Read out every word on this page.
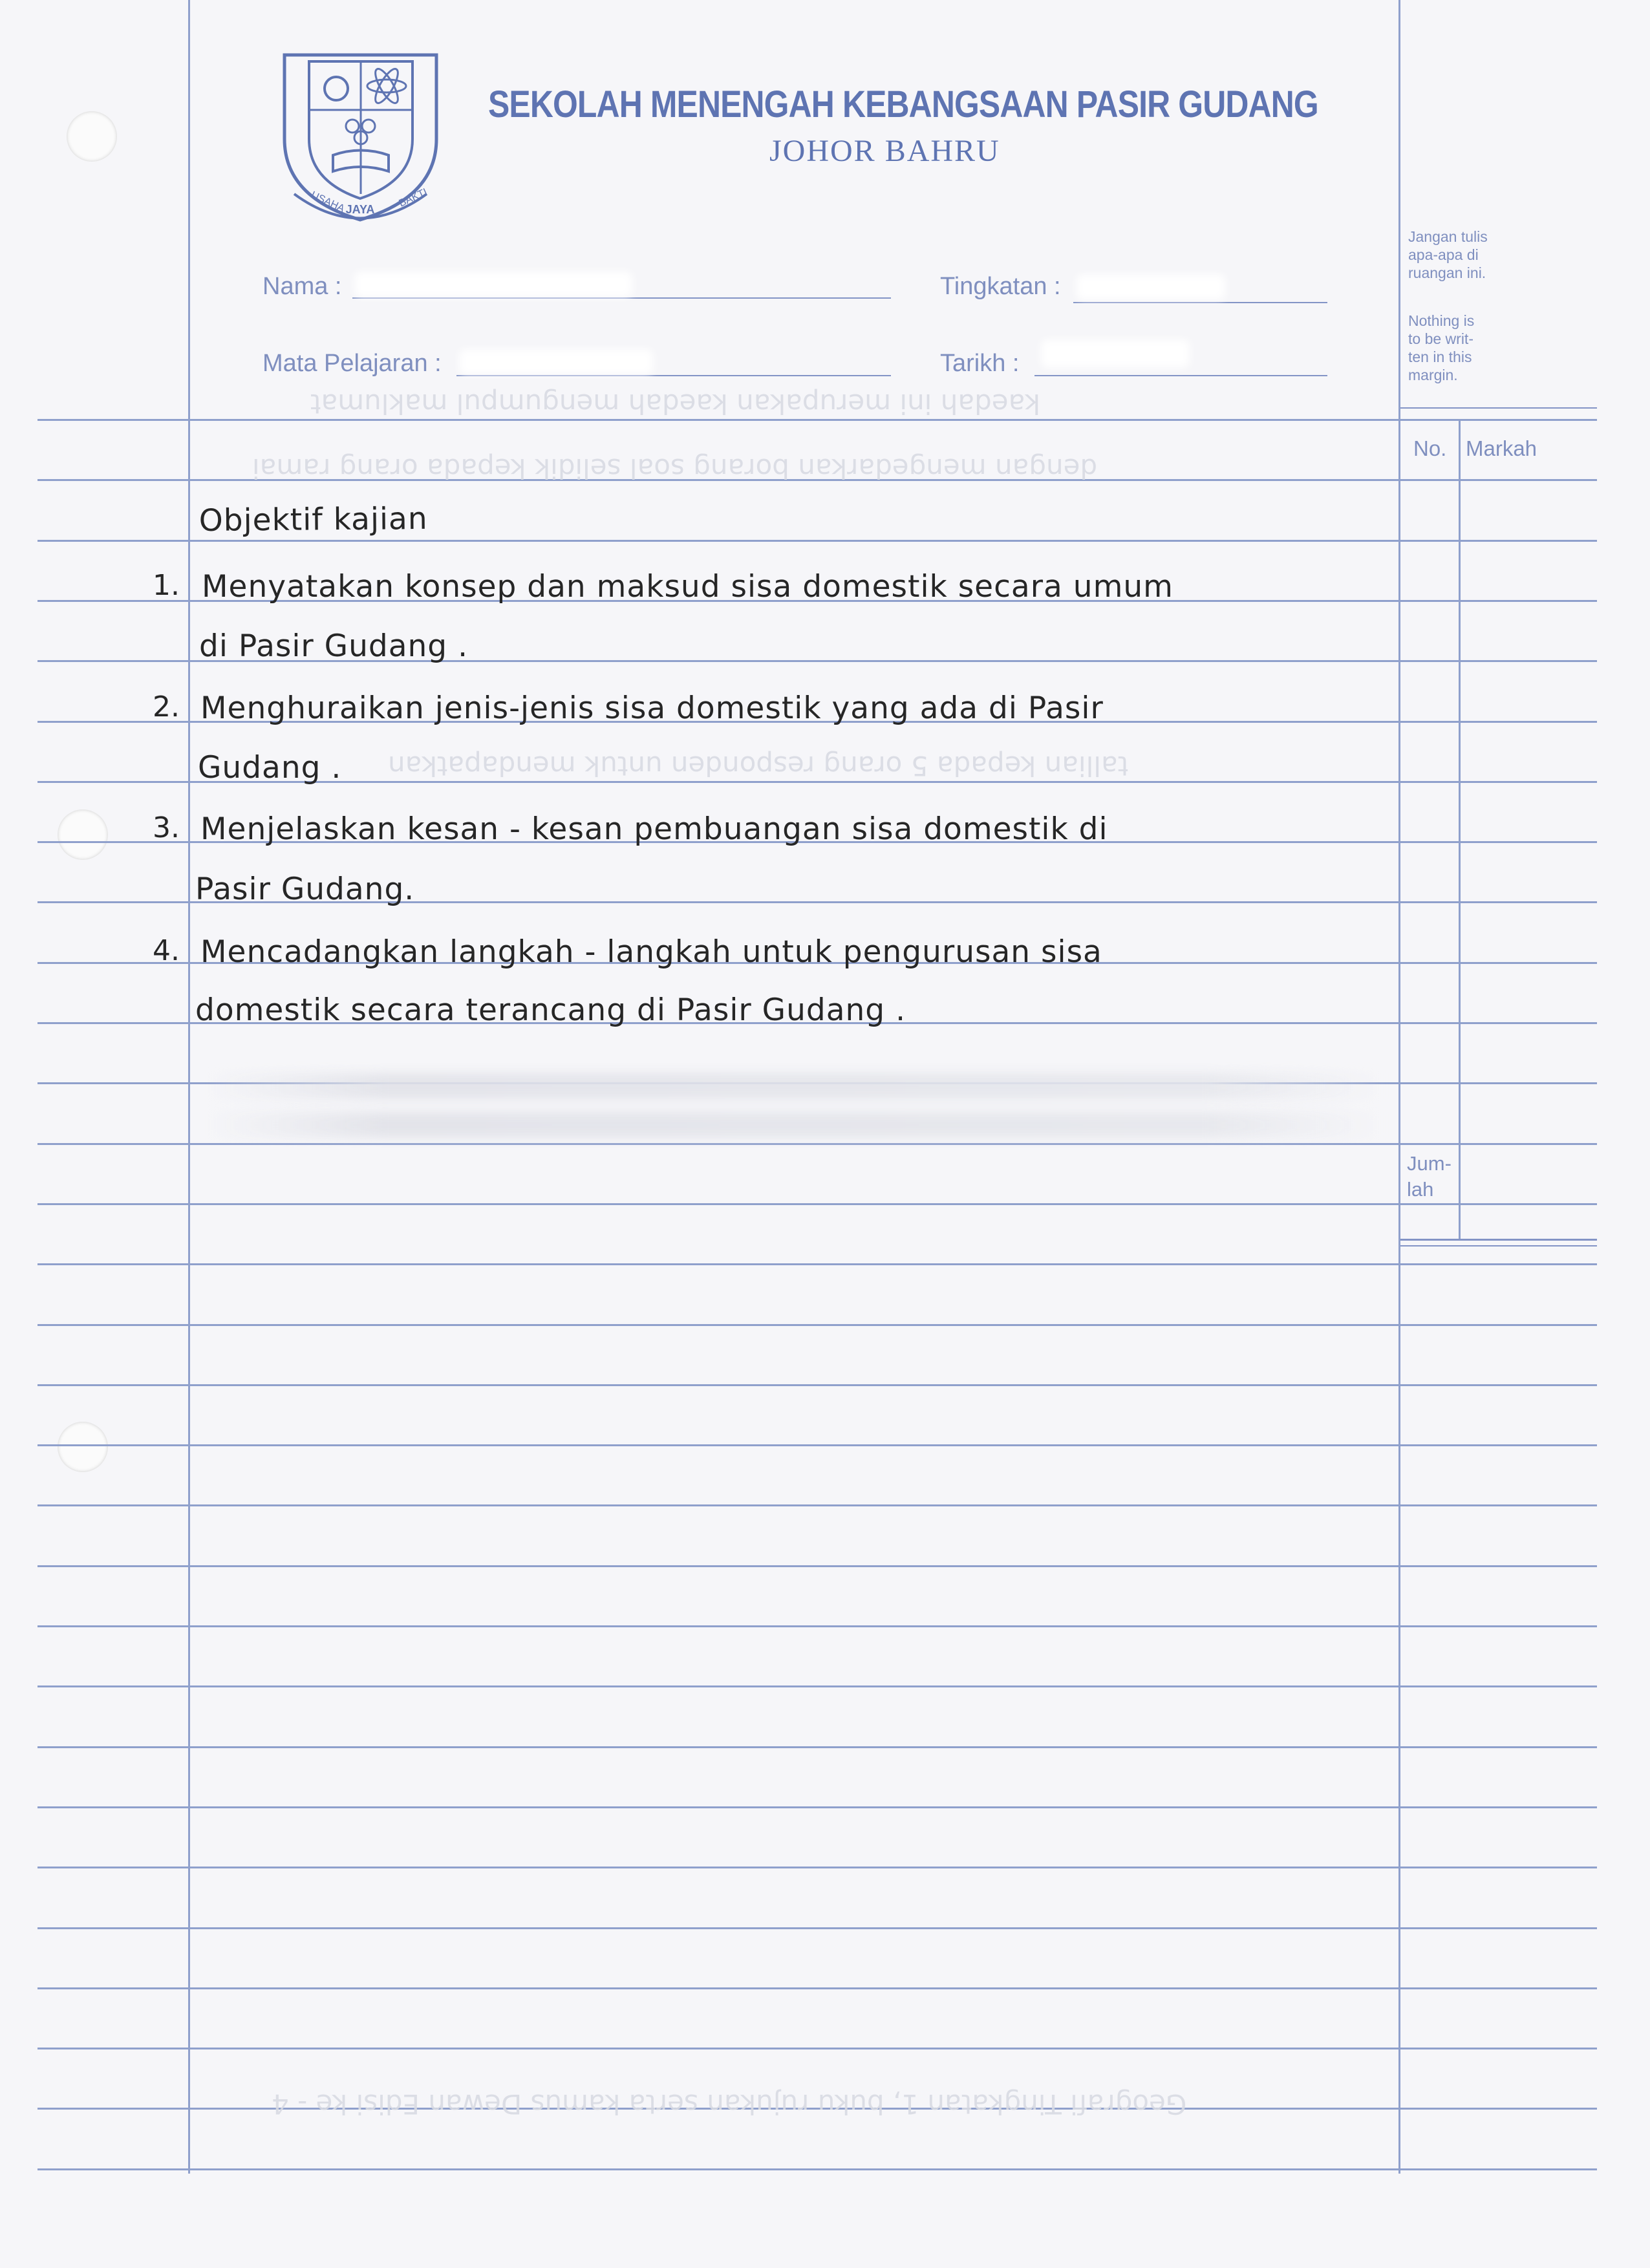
JAYA
USAHA	BAKTI
SEKOLAH MENENGAH KEBANGSAAN PASIR GUDANG
JOHOR BAHRU
Nama :	Tingkatan :
Mata Pelajaran :	Tarikh :
Jangan tulis apa-apa di ruangan ini.
Nothing is to be writ- ten in this margin.
No. Markah
Jum- lah
kaedah ini merupakan kaedah mengumpul maklumat
dengan mengedarkan borang soal selidik kepada orang ramai
tallian kepada 5 orang responden untuk mendapatkan
Geografi Tingkatan 1, buku rujukan serta kamus Dewan Edisi ke - 4
Objektif kajian
1. Menyatakan konsep dan maksud sisa domestik secara umum
di Pasir Gudang .
2. Menghuraikan jenis-jenis sisa domestik yang ada di Pasir
Gudang .
3. Menjelaskan kesan - kesan pembuangan sisa domestik di
Pasir Gudang.
4. Mencadangkan langkah - langkah untuk pengurusan sisa
domestik secara terancang di Pasir Gudang .
